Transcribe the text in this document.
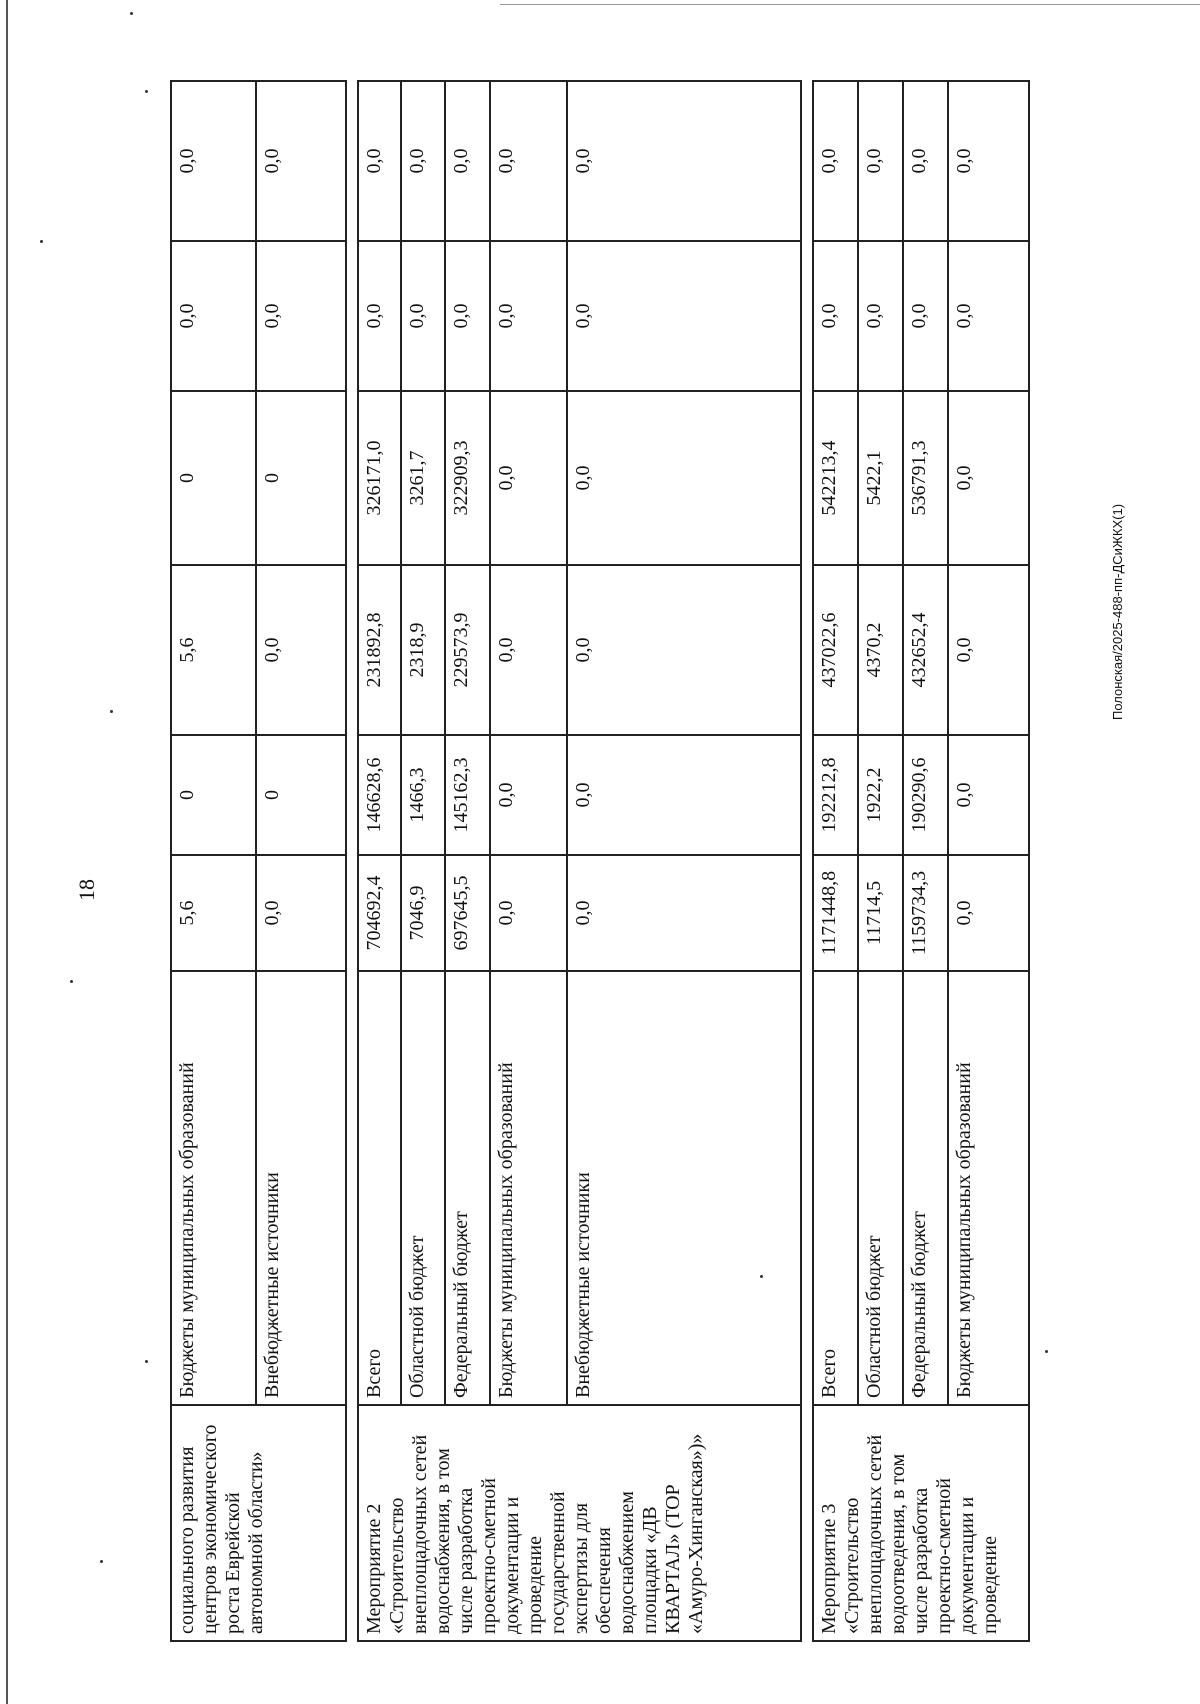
18
социального развития центров экономического роста Еврейской автономной области»	Бюджеты муниципальных образований	5,6	0	5,6	0	0,0	0,0
	Внебюджетные источники	0,0	0	0,0	0	0,0	0,0

Мероприятие 2 «Строительство внеплощадочных сетей водоснабжения, в том числе разработка проектно-сметной документации и проведение государственной экспертизы для обеспечения водоснабжением площадки «ДВ КВАРТАЛ» (ТОР «Амуро-Хинганская»)»	Всего	704692,4	146628,6	231892,8	326171,0	0,0	0,0
	Областной бюджет	7046,9	1466,3	2318,9	3261,7	0,0	0,0
	Федеральный бюджет	697645,5	145162,3	229573,9	322909,3	0,0	0,0
	Бюджеты муниципальных образований	0,0	0,0	0,0	0,0	0,0	0,0
	Внебюджетные источники	0,0	0,0	0,0	0,0	0,0	0,0

Мероприятие 3 «Строительство внеплощадочных сетей водоотведения, в том числе разработка проектно-сметной документации и проведение	Всего	1171448,8	192212,8	437022,6	542213,4	0,0	0,0
	Областной бюджет	11714,5	1922,2	4370,2	5422,1	0,0	0,0
	Федеральный бюджет	1159734,3	190290,6	432652,4	536791,3	0,0	0,0
	Бюджеты муниципальных образований	0,0	0,0	0,0	0,0	0,0	0,0
Полонская/2025-488-пп-ДСиЖКХ(1)
